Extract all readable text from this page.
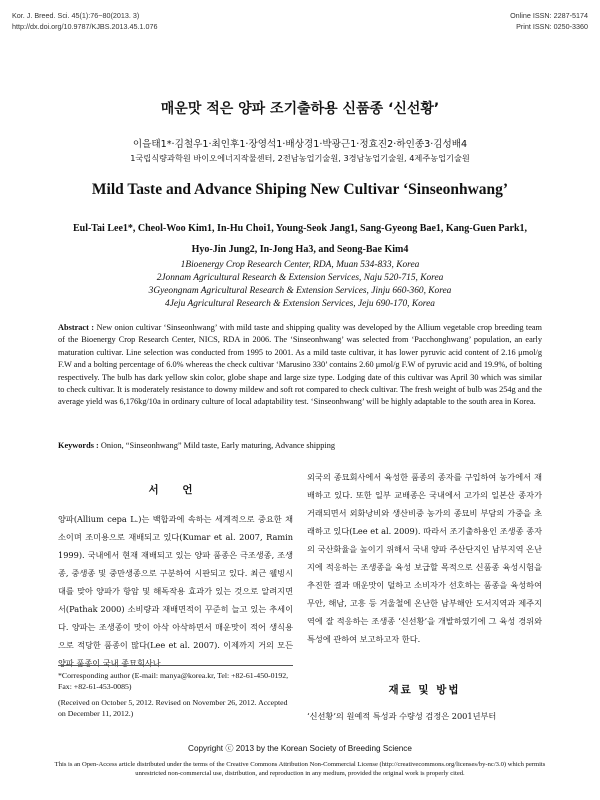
Kor. J. Breed. Sci. 45(1):76~80(2013. 3)
http://dx.doi.org/10.9787/KJBS.2013.45.1.076
Online ISSN: 2287-5174
Print ISSN: 0250-3360
매운맛 적은 양파 조기출하용 신품종 ‘신선황’
이을태1*·김철우1·최인후1·장영석1·배상경1·박광근1·정효진2·하인종3·김성배4
1국립식량과학원 바이오에너지작물센터, 2전남농업기술원, 3경남농업기술원, 4제주농업기술원
Mild Taste and Advance Shiping New Cultivar ‘Sinseonhwang’
Eul-Tai Lee1*, Cheol-Woo Kim1, In-Hu Choi1, Young-Seok Jang1, Sang-Gyeong Bae1, Kang-Guen Park1,
Hyo-Jin Jung2, In-Jong Ha3, and Seong-Bae Kim4
1Bioenergy Crop Research Center, RDA, Muan 534-833, Korea
2Jonnam Agricultural Research & Extension Services, Naju 520-715, Korea
3Gyeongnam Agricultural Research & Extension Services, Jinju 660-360, Korea
4Jeju Agricultural Research & Extension Services, Jeju 690-170, Korea
Abstract : New onion cultivar ‘Sinseonhwang’ with mild taste and shipping quality was developed by the Allium vegetable crop breeding team of the Bioenergy Crop Research Center, NICS, RDA in 2006. The ‘Sinseonhwang’ was selected from ‘Pacchonghwang’ population, an early maturation cultivar. Line selection was conducted from 1995 to 2001. As a mild taste cultivar, it has lower pyruvic acid content of 2.16 μmol/g F.W and a bolting percentage of 6.0% whereas the check cultivar ‘Marusino 330’ contains 2.60 μmol/g F.W of pyruvic acid and 19.9%, of bolting respectively. The bulb has dark yellow skin color, globe shape and large size type. Lodging date of this cultivar was April 30 which was similar to check cultivar. It is moderately resistance to downy mildew and soft rot compared to check cultivar. The fresh weight of bulb was 254g and the average yield was 6,176kg/10a in ordinary culture of local adaptability test. ‘Sinseonhwang’ will be highly adaptable to the south area in Korea.
Keywords : Onion, “Sinseonhwang” Mild taste, Early maturing, Advance shipping
서 언
양파(Allium cepa L.)는 백합과에 속하는 세계적으로 중요한 채소이며 조미용으로 재배되고 있다(Kumar et al. 2007, Ramin 1999). 국내에서 현재 재배되고 있는 양파 품종은 극조생종, 조생종, 중생종 및 중만생종으로 구분하여 시판되고 있다. 최근 웰빙시대를 맞아 양파가 항암 및 해독작용 효과가 있는 것으로 알려지면서(Pathak 2000) 소비량과 재배면적이 꾸준히 늘고 있는 추세이다. 양파는 조생종이 맛이 아삭 아삭하면서 매운맛이 적어 생식용으로 적당한 품종이 많다(Lee et al. 2007). 이제까지 거의 모든 양파 품종이 국내 종묘회사나
*Corresponding author (E-mail: manya@korea.kr, Tel: +82-61-450-0192, Fax: +82-61-453-0085)
(Received on October 5, 2012. Revised on November 26, 2012. Accepted on December 11, 2012.)
외국의 종묘회사에서 육성한 품종의 종자를 구입하여 농가에서 재배하고 있다. 또한 일부 교배종은 국내에서 고가의 일본산 종자가 거래되면서 외화낭비와 생산비중 농가의 종묘비 부담의 가중을 초래하고 있다(Lee et al. 2009). 따라서 조기출하용인 조생종 종자의 국산화율을 높이기 위해서 국내 양파 주산단지인 남부지역 온난지에 적응하는 조생종을 육성 보급할 목적으로 신품종 육성시험을 추진한 결과 매운맛이 덜하고 소비자가 선호하는 품종을 육성하여 무안, 해남, 고흥 등 겨울철에 온난한 남부해안 도서지역과 제주지역에 잘 적응하는 조생종 ‘신선황’을 개발하였기에 그 육성 경위와 특성에 관하여 보고하고자 한다.
재료 및 방법
‘신선황’의 원예적 특성과 수량성 검정은 2001년부터
Copyright ⓒ 2013 by the Korean Society of Breeding Science
This is an Open-Access article distributed under the terms of the Creative Commons Attribution Non-Commercial License (http://creativecommons.org/licenses/by-nc/3.0) which permits unrestricted non-commercial use, distribution, and reproduction in any medium, provided the original work is properly cited.
